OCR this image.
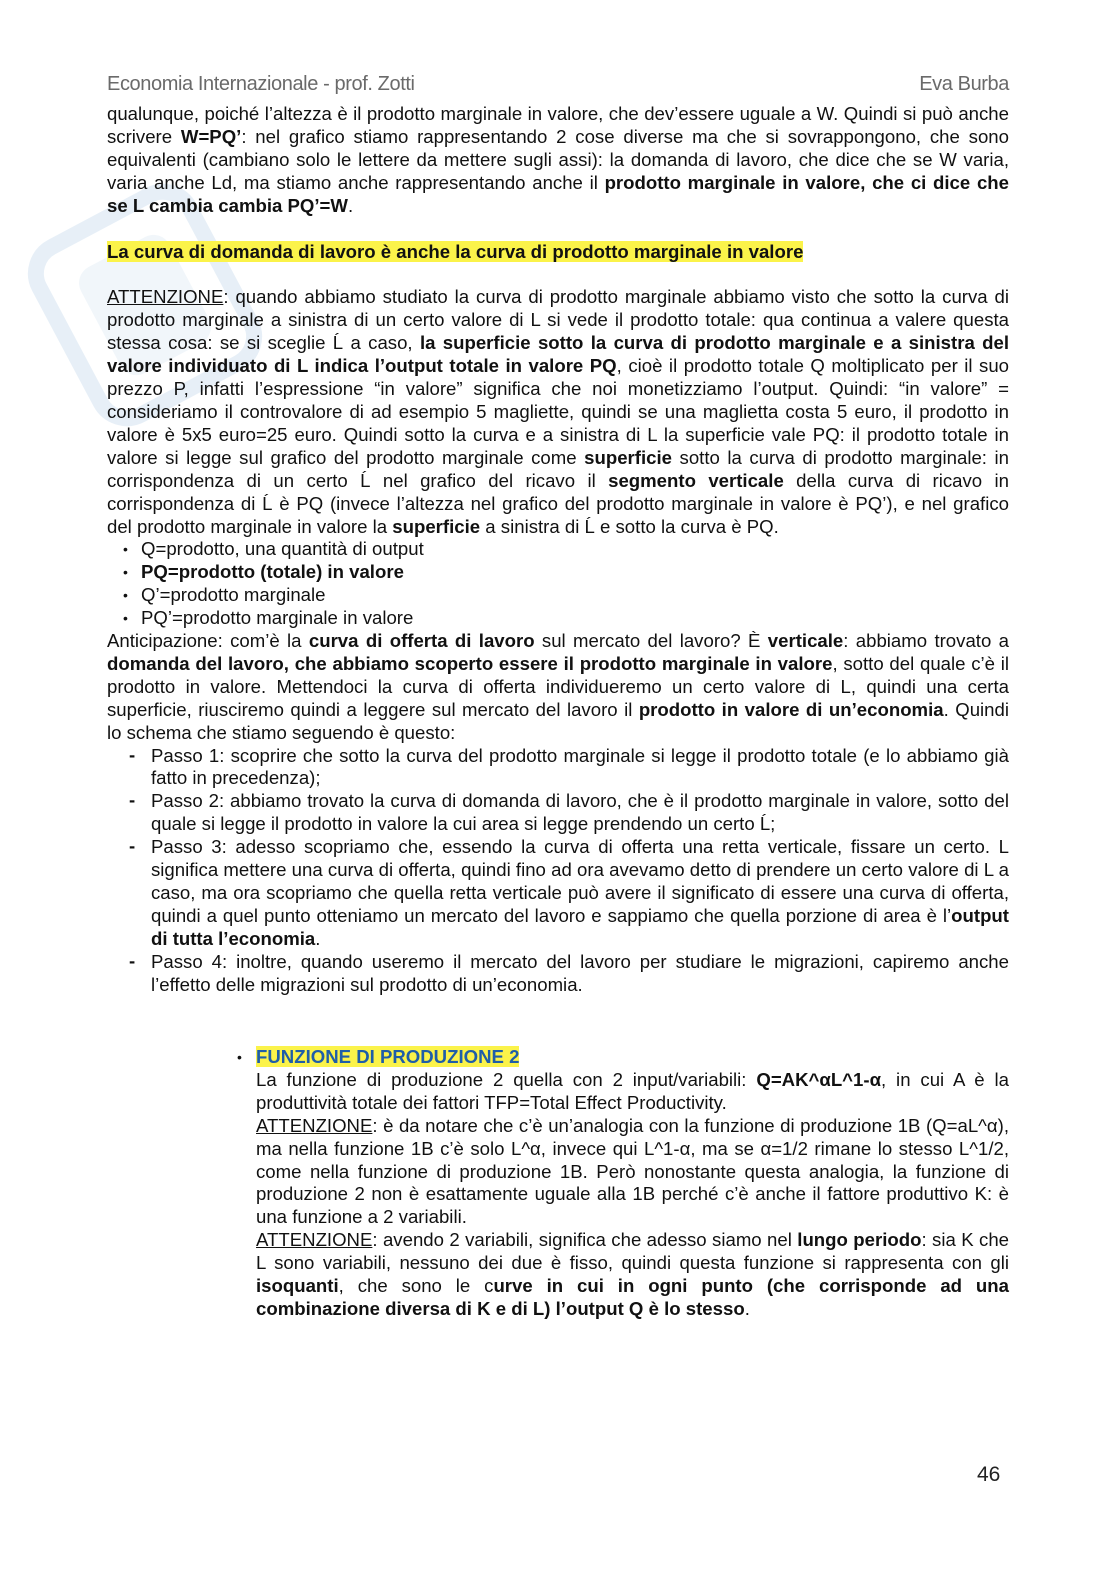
Economia Internazionale - prof. Zotti	Eva Burba

qualunque, poiché l’altezza è il prodotto marginale in valore, che dev’essere uguale a W. Quindi si può anche scrivere W=PQ’: nel grafico stiamo rappresentando 2 cose diverse ma che si sovrappongono, che sono equivalenti (cambiano solo le lettere da mettere sugli assi): la domanda di lavoro, che dice che se W varia, varia anche Ld, ma stiamo anche rappresentando anche il prodotto marginale in valore, che ci dice che se L cambia cambia PQ’=W.

La curva di domanda di lavoro è anche la curva di prodotto marginale in valore

ATTENZIONE: quando abbiamo studiato la curva di prodotto marginale abbiamo visto che sotto la curva di prodotto marginale a sinistra di un certo valore di L si vede il prodotto totale: qua continua a valere questa stessa cosa: se si sceglie Ĺ a caso, la superficie sotto la curva di prodotto marginale e a sinistra del valore individuato di L indica l’output totale in valore PQ, cioè il prodotto totale Q moltiplicato per il suo prezzo P, infatti l’espressione “in valore” significa che noi monetizziamo l’output. Quindi: “in valore” = consideriamo il controvalore di ad esempio 5 magliette, quindi se una maglietta costa 5 euro, il prodotto in valore è 5x5 euro=25 euro. Quindi sotto la curva e a sinistra di L la superficie vale PQ: il prodotto totale in valore si legge sul grafico del prodotto marginale come superficie sotto la curva di prodotto marginale: in corrispondenza di un certo Ĺ nel grafico del ricavo il segmento verticale della curva di ricavo in corrispondenza di Ĺ è PQ (invece l’altezza nel grafico del prodotto marginale in valore è PQ’), e nel grafico del prodotto marginale in valore la superficie a sinistra di Ĺ e sotto la curva è PQ.

• Q=prodotto, una quantità di output
• PQ=prodotto (totale) in valore
• Q’=prodotto marginale
• PQ’=prodotto marginale in valore

Anticipazione: com’è la curva di offerta di lavoro sul mercato del lavoro? È verticale: abbiamo trovato a domanda del lavoro, che abbiamo scoperto essere il prodotto marginale in valore, sotto del quale c’è il prodotto in valore. Mettendoci la curva di offerta individueremo un certo valore di L, quindi una certa superficie, riusciremo quindi a leggere sul mercato del lavoro il prodotto in valore di un’economia. Quindi lo schema che stiamo seguendo è questo:

- Passo 1: scoprire che sotto la curva del prodotto marginale si legge il prodotto totale (e lo abbiamo già fatto in precedenza);
- Passo 2: abbiamo trovato la curva di domanda di lavoro, che è il prodotto marginale in valore, sotto del quale si legge il prodotto in valore la cui area si legge prendendo un certo Ĺ;
- Passo 3: adesso scopriamo che, essendo la curva di offerta una retta verticale, fissare un certo. L significa mettere una curva di offerta, quindi fino ad ora avevamo detto di prendere un certo valore di L a caso, ma ora scopriamo che quella retta verticale può avere il significato di essere una curva di offerta, quindi a quel punto otteniamo un mercato del lavoro e sappiamo che quella porzione di area è l’output di tutta l’economia.
- Passo 4: inoltre, quando useremo il mercato del lavoro per studiare le migrazioni, capiremo anche l’effetto delle migrazioni sul prodotto di un’economia.
• FUNZIONE DI PRODUZIONE 2

La funzione di produzione 2 quella con 2 input/variabili: Q=AK^αL^1-α, in cui A è la produttività totale dei fattori TFP=Total Effect Productivity.

ATTENZIONE: è da notare che c’è un’analogia con la funzione di produzione 1B (Q=aL^α), ma nella funzione 1B c’è solo L^α, invece qui L^1-α, ma se α=1/2 rimane lo stesso L^1/2, come nella funzione di produzione 1B. Però nonostante questa analogia, la funzione di produzione 2 non è esattamente uguale alla 1B perché c’è anche il fattore produttivo K: è una funzione a 2 variabili.

ATTENZIONE: avendo 2 variabili, significa che adesso siamo nel lungo periodo: sia K che L sono variabili, nessuno dei due è fisso, quindi questa funzione si rappresenta con gli isoquanti, che sono le curve in cui in ogni punto (che corrisponde ad una combinazione diversa di K e di L) l’output Q è lo stesso.

46
